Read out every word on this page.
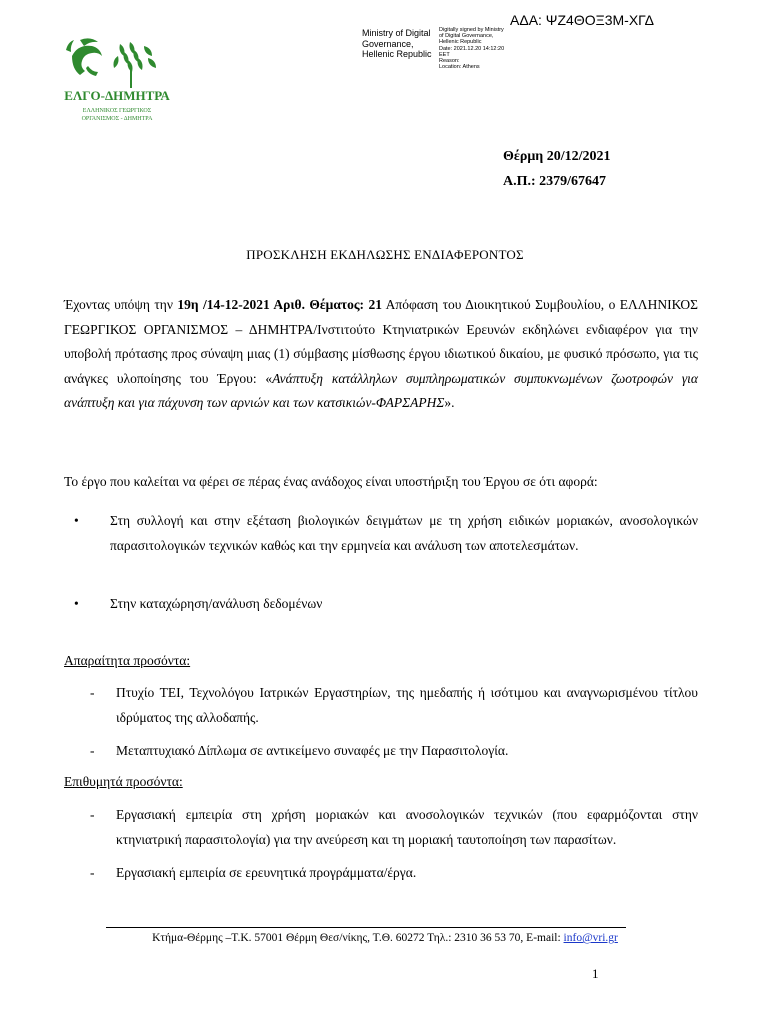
ΑΔΑ: ΨΖ4ΘΟΞ3Μ-ΧΓΔ
Ministry of Digital
Governance,
Hellenic Republic
Digitally signed by Ministry
of Digital Governance,
Hellenic Republic
Date: 2021.12.20 14:12:20
EET
Reason:
Location: Athens
ΕΛΓΟ-ΔΗΜΗΤΡΑ
ΕΛΛΗΝΙΚΟΣ ΓΕΩΡΓΙΚΟΣ
ΟΡΓΑΝΙΣΜΟΣ - ΔΗΜΗΤΡΑ
Θέρμη 20/12/2021
Α.Π.: 2379/67647
ΠΡΟΣΚΛΗΣΗ ΕΚΔΗΛΩΣΗΣ ΕΝΔΙΑΦΕΡΟΝΤΟΣ

Έχοντας υπόψη την 19η /14-12-2021 Αριθ. Θέματος: 21 Απόφαση του Διοικητικού Συμβουλίου, ο ΕΛΛΗΝΙΚΟΣ ΓΕΩΡΓΙΚΟΣ ΟΡΓΑΝΙΣΜΟΣ – ΔΗΜΗΤΡΑ/Ινστιτούτο Κτηνιατρικών Ερευνών εκδηλώνει ενδιαφέρον για την υποβολή πρότασης προς σύναψη μιας (1) σύμβασης μίσθωσης έργου ιδιωτικού δικαίου, με φυσικό πρόσωπο, για τις ανάγκες υλοποίησης του Έργου: «Ανάπτυξη κατάλληλων συμπληρωματικών συμπυκνωμένων ζωοτροφών για ανάπτυξη και για πάχυνση των αρνιών και των κατσικιών-ΦΑΡΣΑΡΗΣ».

Το έργο που καλείται να φέρει σε πέρας ένας ανάδοχος είναι υποστήριξη του Έργου σε ότι αφορά:
• Στη συλλογή και στην εξέταση βιολογικών δειγμάτων με τη χρήση ειδικών μοριακών, ανοσολογικών παρασιτολογικών τεχνικών καθώς και την ερμηνεία και ανάλυση των αποτελεσμάτων.
• Στην καταχώρηση/ανάλυση δεδομένων
Απαραίτητα προσόντα:
- Πτυχίο ΤΕΙ, Τεχνολόγου Ιατρικών Εργαστηρίων, της ημεδαπής ή ισότιμου και αναγνωρισμένου τίτλου ιδρύματος της αλλοδαπής.
- Μεταπτυχιακό Δίπλωμα σε αντικείμενο συναφές με την Παρασιτολογία.
Επιθυμητά προσόντα:
- Εργασιακή εμπειρία στη χρήση μοριακών και ανοσολογικών τεχνικών (που εφαρμόζονται στην κτηνιατρική παρασιτολογία) για την ανεύρεση και τη μοριακή ταυτοποίηση των παρασίτων.
- Εργασιακή εμπειρία σε ερευνητικά προγράμματα/έργα.
Κτήμα-Θέρμης –Τ.Κ. 57001 Θέρμη Θεσ/νίκης, Τ.Θ. 60272 Τηλ.: 2310 36 53 70, E-mail: info@vri.gr
1
